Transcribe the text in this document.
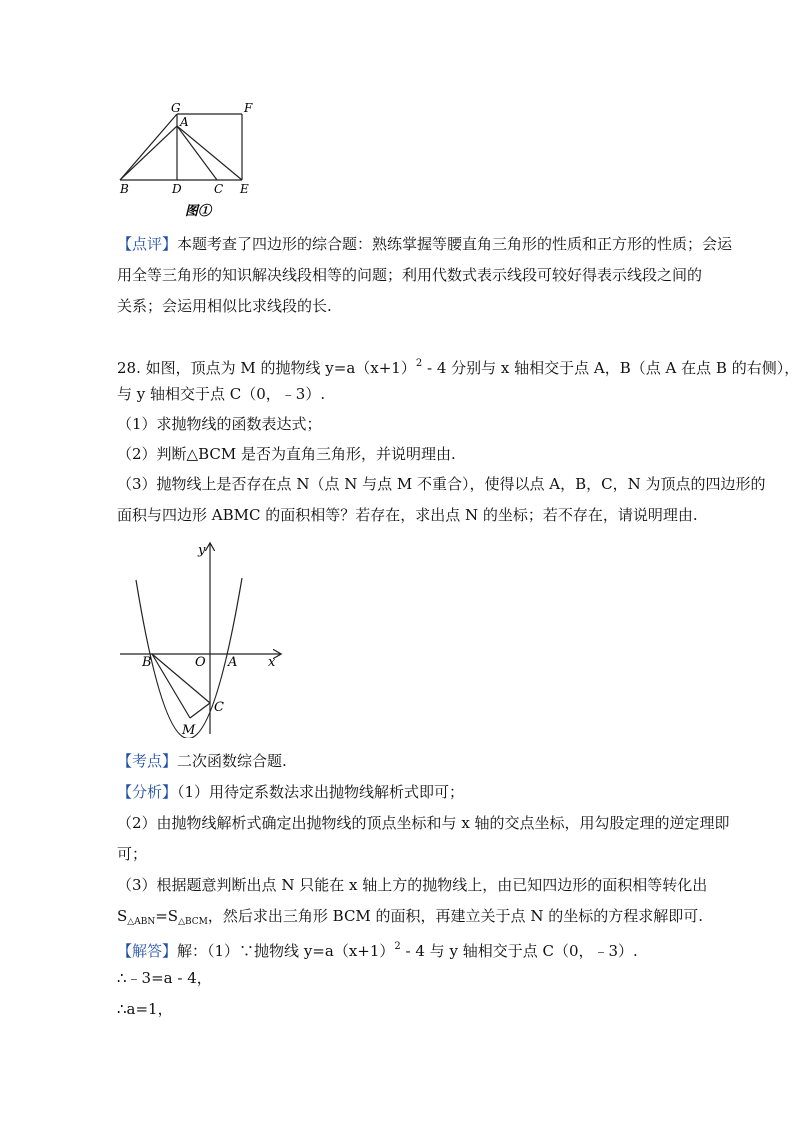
G	F
A
B	D	C E
图①
【点评】本题考查了四边形的综合题：熟练掌握等腰直角三角形的性质和正方形的性质；会运
用全等三角形的知识解决线段相等的问题；利用代数式表示线段可较好得表示线段之间的
关系；会运用相似比求线段的长.
28. 如图，顶点为 M 的抛物线 $y=a(x+1)^2 - 4$ 分别与 x 轴相交于点 A，B（点 A 在点 B 的右侧），
与 y 轴相交于点 C（0，﹣3）.
（1）求抛物线的函数表达式；
（2）判断△BCM 是否为直角三角形，并说明理由.
（3）抛物线上是否存在点 N（点 N 与点 M 不重合），使得以点 A，B，C，N 为顶点的四边形的
面积与四边形 ABMC 的面积相等？若存在，求出点 N 的坐标；若不存在，请说明理由.
y
x
O A
B
C
M
【考点】二次函数综合题.
【分析】（1）用待定系数法求出抛物线解析式即可；
（2）由抛物线解析式确定出抛物线的顶点坐标和与 x 轴的交点坐标，用勾股定理的逆定理即
可；
（3）根据题意判断出点 N 只能在 x 轴上方的抛物线上，由已知四边形的面积相等转化出
$S_{\triangle ABN}=S_{\triangle BCM}$，然后求出三角形 BCM 的面积，再建立关于点 N 的坐标的方程求解即可.
【解答】解：（1）∵抛物线 $y=a(x+1)^2 - 4$ 与 y 轴相交于点 C（0，﹣3）.
∴﹣3=a - 4，
∴a=1，
